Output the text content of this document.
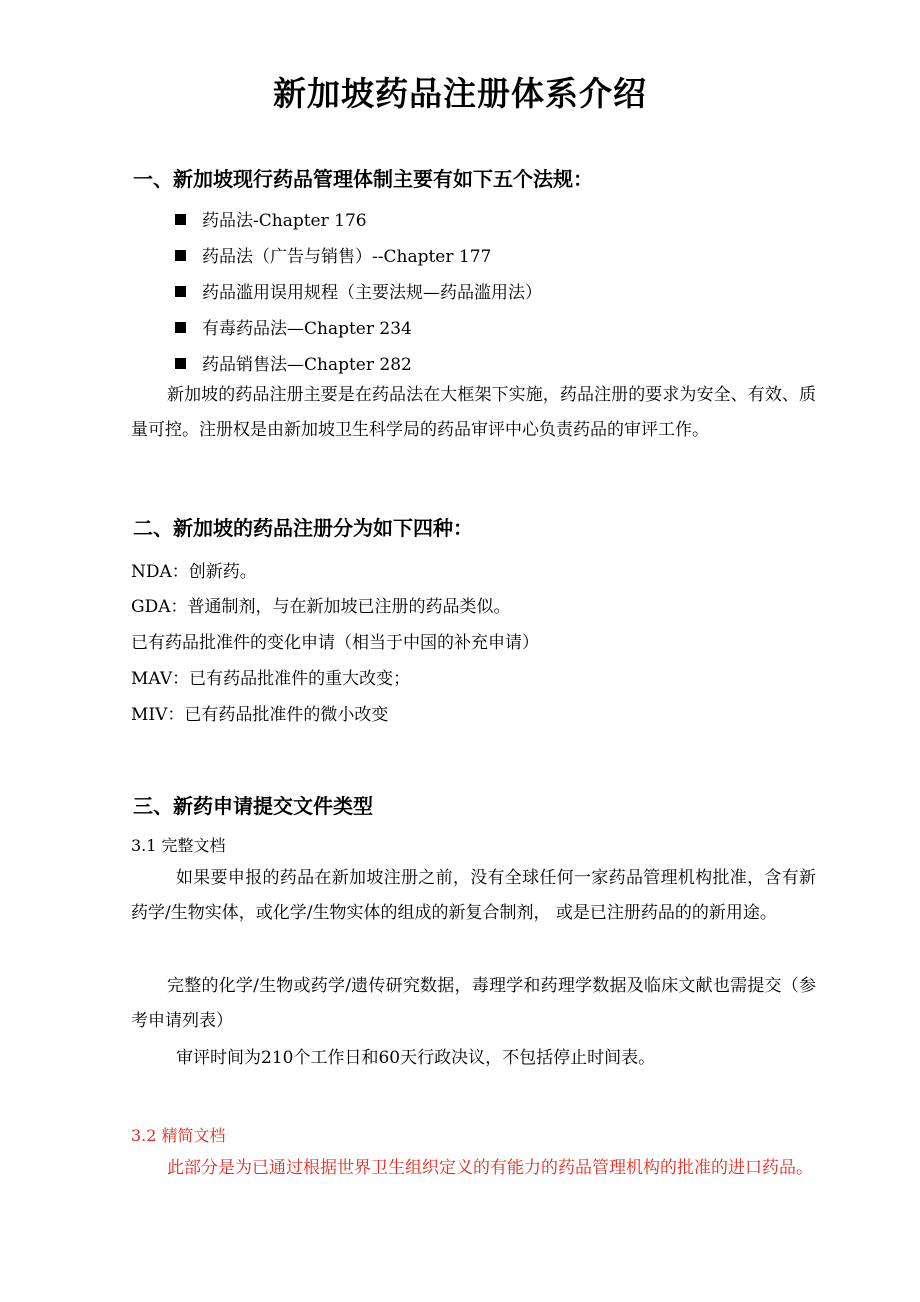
新加坡药品注册体系介绍
一、新加坡现行药品管理体制主要有如下五个法规：
药品法-Chapter 176
药品法（广告与销售）--Chapter 177
药品滥用误用规程（主要法规—药品滥用法）
有毒药品法—Chapter 234
药品销售法—Chapter 282
新加坡的药品注册主要是在药品法在大框架下实施，药品注册的要求为安全、有效、质量可控。注册权是由新加坡卫生科学局的药品审评中心负责药品的审评工作。
二、新加坡的药品注册分为如下四种：
NDA：创新药。
GDA：普通制剂，与在新加坡已注册的药品类似。
已有药品批准件的变化申请（相当于中国的补充申请）
MAV：已有药品批准件的重大改变；
MIV：已有药品批准件的微小改变
三、新药申请提交文件类型
3.1 完整文档
如果要申报的药品在新加坡注册之前，没有全球任何一家药品管理机构批准，含有新药学/生物实体，或化学/生物实体的组成的新复合制剂， 或是已注册药品的的新用途。
完整的化学/生物或药学/遗传研究数据，毒理学和药理学数据及临床文献也需提交（参考申请列表）
审评时间为210个工作日和60天行政决议，不包括停止时间表。
3.2 精简文档
此部分是为已通过根据世界卫生组织定义的有能力的药品管理机构的批准的进口药品。
